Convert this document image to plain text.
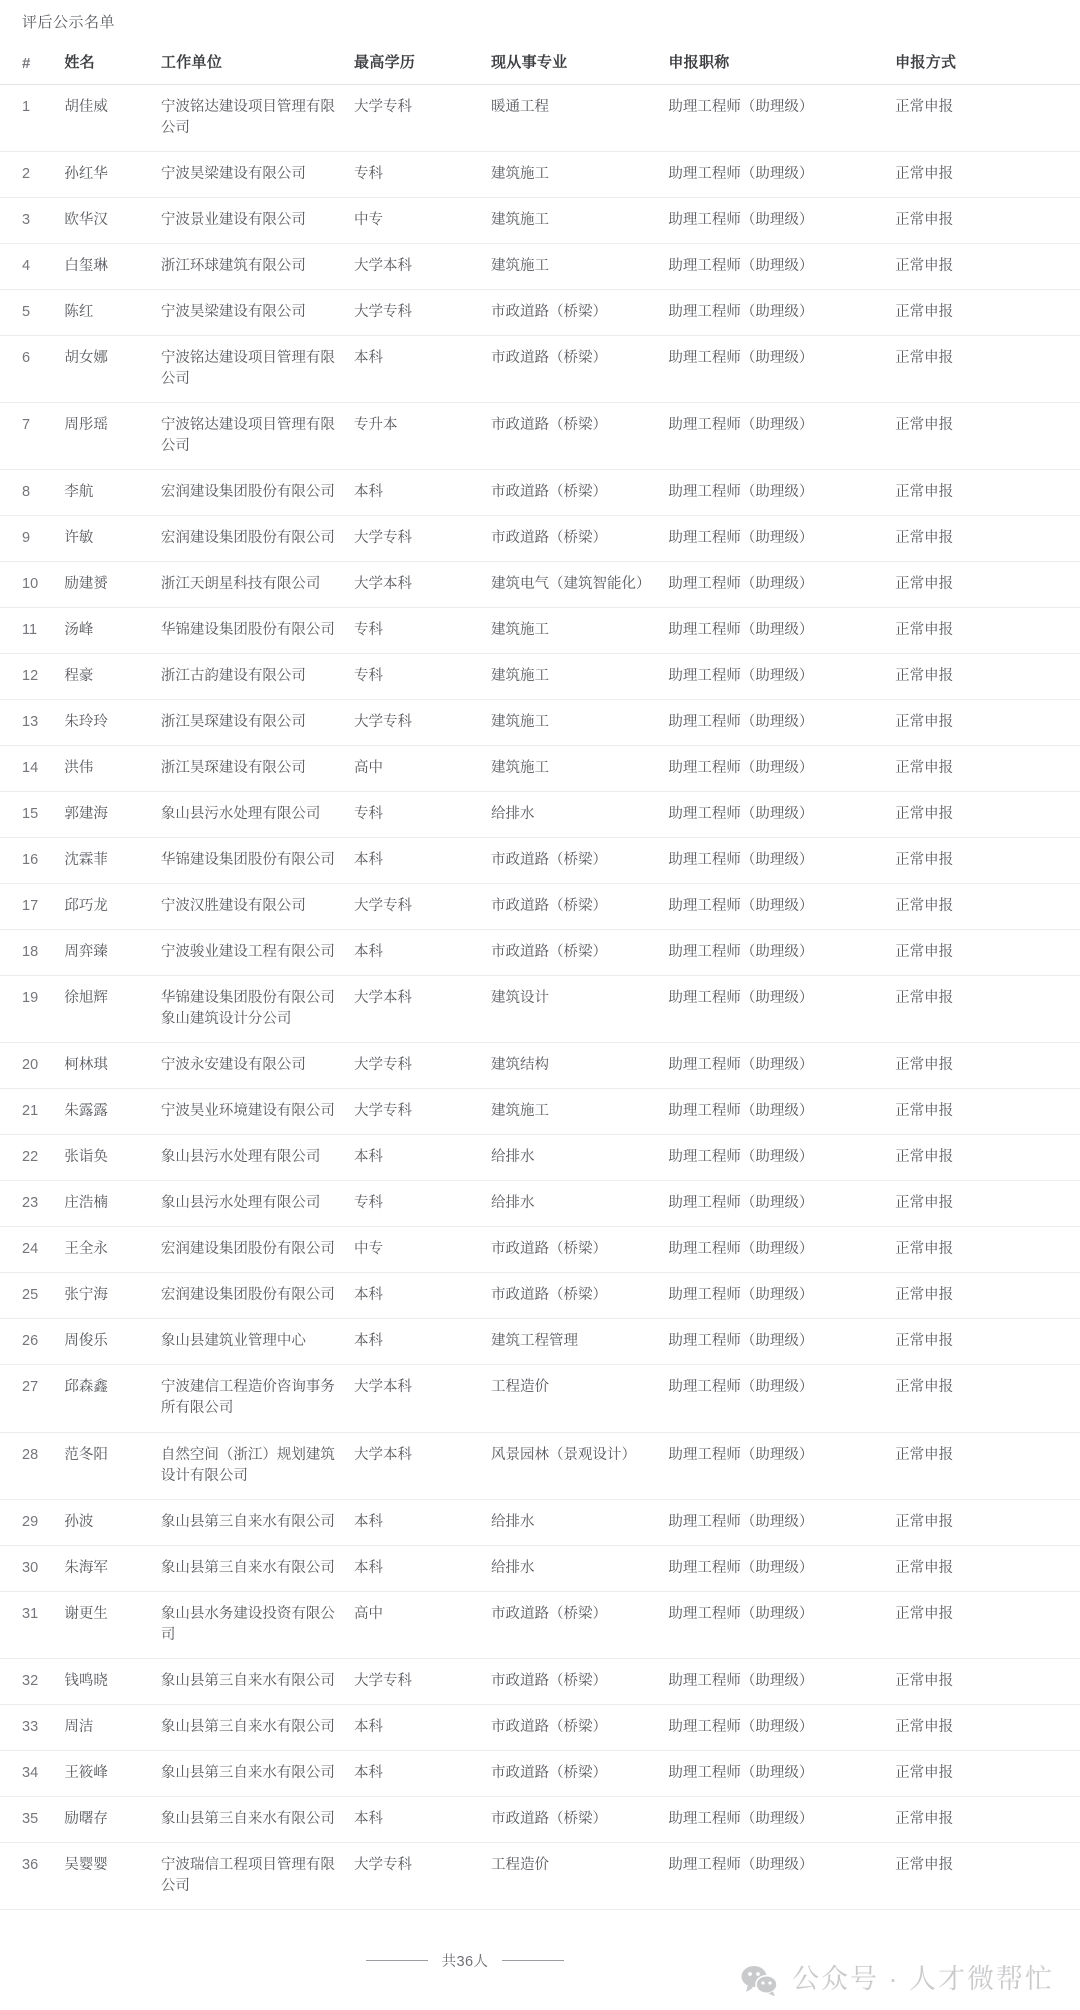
评后公示名单
#	姓名	工作单位	最高学历	现从事专业	申报职称	申报方式
1	胡佳威	宁波铭达建设项目管理有限公司	大学专科	暖通工程	助理工程师（助理级）	正常申报
2	孙红华	宁波昊梁建设有限公司	专科	建筑施工	助理工程师（助理级）	正常申报
3	欧华汉	宁波景业建设有限公司	中专	建筑施工	助理工程师（助理级）	正常申报
4	白玺琳	浙江环球建筑有限公司	大学本科	建筑施工	助理工程师（助理级）	正常申报
5	陈红	宁波昊梁建设有限公司	大学专科	市政道路（桥梁）	助理工程师（助理级）	正常申报
6	胡女娜	宁波铭达建设项目管理有限公司	本科	市政道路（桥梁）	助理工程师（助理级）	正常申报
7	周彤瑶	宁波铭达建设项目管理有限公司	专升本	市政道路（桥梁）	助理工程师（助理级）	正常申报
8	李航	宏润建设集团股份有限公司	本科	市政道路（桥梁）	助理工程师（助理级）	正常申报
9	许敏	宏润建设集团股份有限公司	大学专科	市政道路（桥梁）	助理工程师（助理级）	正常申报
10	励建赟	浙江天朗星科技有限公司	大学本科	建筑电气（建筑智能化）	助理工程师（助理级）	正常申报
11	汤峰	华锦建设集团股份有限公司	专科	建筑施工	助理工程师（助理级）	正常申报
12	程豪	浙江古韵建设有限公司	专科	建筑施工	助理工程师（助理级）	正常申报
13	朱玲玲	浙江昊琛建设有限公司	大学专科	建筑施工	助理工程师（助理级）	正常申报
14	洪伟	浙江昊琛建设有限公司	高中	建筑施工	助理工程师（助理级）	正常申报
15	郭建海	象山县污水处理有限公司	专科	给排水	助理工程师（助理级）	正常申报
16	沈霖菲	华锦建设集团股份有限公司	本科	市政道路（桥梁）	助理工程师（助理级）	正常申报
17	邱巧龙	宁波汉胜建设有限公司	大学专科	市政道路（桥梁）	助理工程师（助理级）	正常申报
18	周弈臻	宁波骏业建设工程有限公司	本科	市政道路（桥梁）	助理工程师（助理级）	正常申报
19	徐旭辉	华锦建设集团股份有限公司象山建筑设计分公司	大学本科	建筑设计	助理工程师（助理级）	正常申报
20	柯林琪	宁波永安建设有限公司	大学专科	建筑结构	助理工程师（助理级）	正常申报
21	朱露露	宁波昊业环境建设有限公司	大学专科	建筑施工	助理工程师（助理级）	正常申报
22	张诣奂	象山县污水处理有限公司	本科	给排水	助理工程师（助理级）	正常申报
23	庄浩楠	象山县污水处理有限公司	专科	给排水	助理工程师（助理级）	正常申报
24	王全永	宏润建设集团股份有限公司	中专	市政道路（桥梁）	助理工程师（助理级）	正常申报
25	张宁海	宏润建设集团股份有限公司	本科	市政道路（桥梁）	助理工程师（助理级）	正常申报
26	周俊乐	象山县建筑业管理中心	本科	建筑工程管理	助理工程师（助理级）	正常申报
27	邱森鑫	宁波建信工程造价咨询事务所有限公司	大学本科	工程造价	助理工程师（助理级）	正常申报
28	范冬阳	自然空间（浙江）规划建筑设计有限公司	大学本科	风景园林（景观设计）	助理工程师（助理级）	正常申报
29	孙波	象山县第三自来水有限公司	本科	给排水	助理工程师（助理级）	正常申报
30	朱海军	象山县第三自来水有限公司	本科	给排水	助理工程师（助理级）	正常申报
31	谢更生	象山县水务建设投资有限公司	高中	市政道路（桥梁）	助理工程师（助理级）	正常申报
32	钱鸣晓	象山县第三自来水有限公司	大学专科	市政道路（桥梁）	助理工程师（助理级）	正常申报
33	周洁	象山县第三自来水有限公司	本科	市政道路（桥梁）	助理工程师（助理级）	正常申报
34	王筱峰	象山县第三自来水有限公司	本科	市政道路（桥梁）	助理工程师（助理级）	正常申报
35	励曙存	象山县第三自来水有限公司	本科	市政道路（桥梁）	助理工程师（助理级）	正常申报
36	吴婴婴	宁波瑞信工程项目管理有限公司	大学专科	工程造价	助理工程师（助理级）	正常申报
共36人
公众号 · 人才微帮忙
